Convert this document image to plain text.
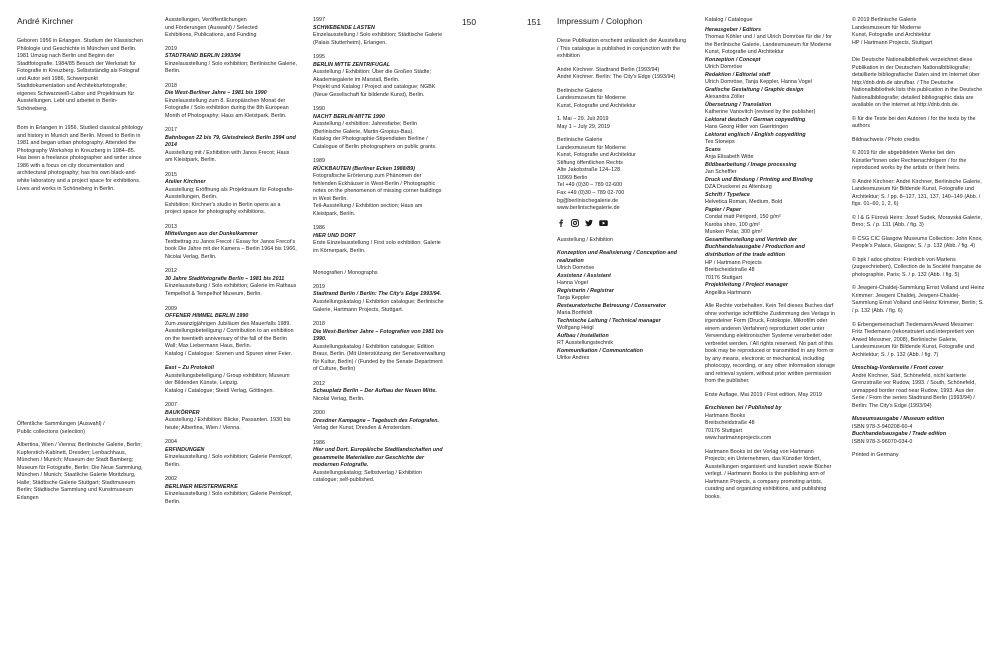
André Kirchner

Geboren 1956 in Erlangen. Studium der Klassischen Philologie und Geschichte in München und Berlin. 1981 Umzug nach Berlin und Beginn der Stadtfotografie. 1984/85 Besuch der Werkstatt für Fotografie in Kreuzberg. Selbstständig als Fotograf und Autor seit 1986, Schwerpunkt Stadtdokumentation und Architekturfotografie; eigenes Schwarzweiß-Labor und Projektraum für Ausstellungen. Lebt und arbeitet in Berlin-Schöneberg.

Born in Erlangen in 1956. Studied classical philology and history in Munich and Berlin. Moved to Berlin in 1981 and began urban photography. Attended the Photography Workshop in Kreuzberg in 1984–85. Has been a freelance photographer and writer since 1986 with a focus on city documentation and architectural photography; has his own black-and-white laboratory and a project space for exhibitions. Lives and works in Schöneberg in Berlin.

Öffentliche Sammlungen (Auswahl) /
Public collections (selection)

Albertina, Wien / Vienna; Berlinische Galerie, Berlin; Kupferstich-Kabinett, Dresden; Lenbachhaus, München / Munich; Museum der Stadt Bamberg; Museum für Fotografie, Berlin; Die Neue Sammlung, München / Munich; Staatliche Galerie Moritzburg, Halle; Städtische Galerie Stuttgart; Stadtmuseum Berlin; Städtische Sammlung und Kunstmuseum Erlangen

Ausstellungen, Veröffentlichungen
und Förderungen (Auswahl) / Selected
Exhibitions, Publications, and Funding

2019
STADTRAND BERLIN 1993/94
Einzelausstellung / Solo exhibition; Berlinische Galerie, Berlin.
2018
Die West-Berliner Jahre – 1981 bis 1990
Einzelausstellung zum 8. Europäischen Monat der Fotografie / Solo exhibition during the 8th European Month of Photography; Haus am Kleistpark, Berlin.
2017
Bahnbogen 22 bis 79, Gleisdreieck Berlin 1994 und 2014
Ausstellung mit / Exhibition with Janos Frecot; Haus am Kleistpark, Berlin.
2015
Atelier Kirchner
Ausstellung; Eröffnung als Projektraum für Fotografie-Ausstellungen, Berlin.
Exhibition; Kirchner's studio in Berlin opens as a project space for photography exhibitions.
2013
Mitteilungen aus der Dunkelkammer
Textbeitrag zu Janos Frecot / Essay for Janos Frecot's book Die Jahre mit der Kamera – Berlin 1964 bis 1966, Nicolai Verlag, Berlin.
2012
30 Jahre Stadtfotografie Berlin – 1981 bis 2011
Einzelausstellung / Solo exhibition; Galerie im Rathaus Tempelhof & Tempelhof Museum, Berlin.
2009
OFFENER HIMMEL BERLIN 1990
Zum zwanzigjährigen Jubiläum des Mauerfalls 1989. Ausstellungsbeteiligung / Contribution to an exhibition on the twentieth anniversary of the fall of the Berlin Wall; Max Liebermann Haus, Berlin.
Katalog / Catalogue: Szenen und Spuren einer Feier.
East – Zu Protokoll
Ausstellungsbeteiligung / Group exhibition; Museum der Bildenden Künste, Leipzig.
Katalog / Catalogue; Steidl Verlag, Göttingen.
2007
BAUKÖRPER
Ausstellung / Exhibition: Blicke, Passanten. 1930 bis heute; Albertina, Wien / Vienna.
2004
ERFINDUNGEN
Einzelausstellung / Solo exhibition; Galerie Pernkopf, Berlin.
2002
BERLINER MEISTERWERKE
Einzelausstellung / Solo exhibition; Galerie Pernkopf, Berlin.
1997
SCHWEBENDE LASTEN
Einzelausstellung / Solo exhibition; Städtische Galerie (Palais Stutterheim), Erlangen.
1995
BERLIN MITTE ZENTRIFUGAL
Ausstellung / Exhibition: Über die Großen Städte; Akademiegalerie im Marstall, Berlin.
Projekt und Katalog / Project and catalogue; NGBK (Neue Gesellschaft für bildende Kunst), Berlin.
1990
NACHT BERLIN-MITTE 1990
Ausstellung / exhibition: Jahresfarbe; Berlin (Berlinische Galerie, Martin-Gropius-Bau).
Katalog der Photographie-Stipendiaten Berline / Catalogue of Berlin photographers on public grants.
1989
RÜCKBAUTEN (Berliner Ecken 1988/89)
Fotografische Erörterung zum Phänomen der fehlenden Eckhäuser in West-Berlin / Photographic notes on the phenomenon of missing corner buildings in West Berlin.
Teil-Ausstellung / Exhibition section; Haus am Kleistpark, Berlin.
1986
HIER UND DORT
Erste Einzelausstellung / First solo exhibition; Galerie im Körnerpark, Berlin.

Monografien / Monographs

2019
Stadtrand Berlin / Berlin: The City's Edge 1993/94.
Ausstellungskatalog / Exhibition catalogue; Berlinische Galerie, Hartmann Projects, Stuttgart.
2018
Die West-Berliner Jahre – Fotografien von 1981 bis 1990.
Ausstellungskatalog / Exhibition catalogue; Edition Braus, Berlin. (Mit Unterstützung der Senatsverwaltung für Kultur, Berlin) / (Funded by the Senate Department of Culture, Berlin)
2012
Schauplatz Berlin – Der Aufbau der Neuen Mitte.
Nicolai Verlag, Berlin.
2000
Dresdner Kampagne – Tagebuch des Fotografen.
Verlag der Kunst, Dresden & Amsterdam.
1986
Hier und Dort. Europäische Stadtlandschaften und gesammelte Materialien zur Geschichte der modernen Fotografie.
Ausstellungskatalog; Selbstverlag / Exhibition catalogue; self-published.
150	151 Impressum / Colophon

Diese Publikation erscheint anlässlich der Ausstellung / This catalogue is published in conjunction with the exhibition

André Kirchner. Stadtrand Berlin (1993/94)
André Kirchner. Berlin: The City's Edge (1993/94)

Berlinische Galerie
Landesmuseum für Moderne
Kunst, Fotografie und Architektur

1. Mai – 29. Juli 2019
May 1 – July 29, 2019

Berlinische Galerie
Landesmuseum für Moderne
Kunst, Fotografie und Architektur
Stiftung öffentlichen Rechts
Alte Jakobstraße 124–128
10969 Berlin
Tel +49 (0)30 – 789 02-600
Fax +49 (0)30 – 789 02-700
bg@berlinischegalerie.de
www.berlinischegalerie.de

Ausstellung / Exhibition

Konzeption und Realisierung / Conception and realization
Ulrich Domröse
Assistenz / Assistant
Hanna Vogel
Registrarin / Registrar
Tanja Keppler
Restauratorische Betreuung / Conservator
Maria Bortfeldt
Technische Leitung / Technical manager
Wolfgang Heigl
Aufbau / Installation
RT Ausstellungstechnik
Kommunikation / Communication
Ulrike Andres

Katalog / Catalogue

Herausgeber / Editors
Thomas Köhler und / and Ulrich Domröse für die / for the Berlinische Galerie, Landesmuseum für Moderne Kunst, Fotografie und Architektur
Konzeption / Concept
Ulrich Domröse
Redaktion / Editorial staff
Ulrich Domröse, Tanja Keppler, Hanna Vogel
Grafische Gestaltung / Graphic design
Alexandra Zöller
Übersetzung / Translation
Katherine Vanovitch (revised by the publisher)
Lektorat deutsch / German copyediting
Hans Georg Hiller von Gaertringen
Lektorat englisch / English copyediting
Tes Stoneps
Scans
Anja Elisabeth Witte
Bildbearbeitung / Image processing
Jan Scheffler
Druck und Bindung / Printing and Binding
DZA Druckerei zu Altenburg
Schrift / Typeface
Helvetica Roman, Medium, Bold
Papier / Paper
Condat matt Périgord, 150 g/m²
Karoba shiro, 100 g/m²
Munken Polar, 300 g/m²
Gesamtherstellung und Vertrieb der Buchhandelsausgabe / Production and distribution of the trade edition
HP / Hartmann Projects
Breitscheidstraße 48
70176 Stuttgart
Projektleitung / Project manager
Angelika Hartmann

Alle Rechte vorbehalten. Kein Teil dieses Buches darf ohne vorherige schriftliche Zustimmung des Verlags in irgendeiner Form (Druck, Fotokopie, Mikrofilm oder einem anderen Verfahren) reproduziert oder unter Verwendung elektronischer Systeme verarbeitet oder verbreitet werden. / All rights reserved. No part of this book may be reproduced or transmitted in any form or by any means, electronic or mechanical, including photocopy, recording, or any other information storage and retrieval system, without prior written permission from the publisher.

Erste Auflage, Mai 2019 / First edition, May 2019

Erschienen bei / Published by
Hartmann Books
Breitscheidstraße 48
70176 Stuttgart
www.hartmannprojects.com

Hartmann Books ist der Verlag von Hartmann Projects; ein Unternehmen, das Künstler fördert, Ausstellungen organisiert und kuratiert sowie Bücher verlegt. / Hartmann Books is the publishing arm of Hartmann Projects, a company promoting artists, curating and organizing exhibitions, and publishing books.

© 2019 Berlinische Galerie
Landesmuseum für Moderne
Kunst, Fotografie und Architektur
HP / Hartmann Projects, Stuttgart

Die Deutsche Nationalbibliothek verzeichnet diese Publikation in der Deutschen Nationalbibliografie; detaillierte bibliografische Daten sind im Internet über http://dnb.dnb.de abrufbar. / The Deutsche Nationalbibliothek lists this publication in the Deutsche Nationalbibliografie; detailed bibliographic data are available on the internet at http://dnb.dnb.de.

© für die Texte bei den Autoren / for the texts by the authors

Bildnachweis / Photo credits

© 2019 für die abgebildeten Werke bei den Künstler*innen oder Rechtenachfolgern / for the reproduced works by the artists or their heirs.

© André Kirchner: André Kirchner, Berlinische Galerie, Landesmuseum für Bildende Kunst, Fotografie und Architektur; S. / pp. 8–127, 131, 137, 140–149 (Abb. / figs. 01–60, 1, 2, 6)

© I & G Fürová Heirs: Josef Sudek, Moravská Galerie, Brno; S. / p. 131 (Abb. / fig. 3)

© CSG CIC Glasgow Museums Collection: John Knox, People's Palace, Glasgow; S. / p. 132 (Abb. / fig. 4)

© bpk / adoc-photos: Friedrich von Martens (zugeschrieben), Collection de la Société française de photographie, Paris; S. / p. 132 (Abb. / fig. 5)

© Jewgeni-Chaldej-Sammlung Ernst Volland und Heinz Krimmer: Jewgeni Chaldej, Jewgeni-Chaldej-Sammlung Ernst Volland und Heinz Krimmer, Berlin; S. / p. 132 (Abb. / fig. 6)

© Erbengemeinschaft Tiedemann/Arwed Messmer: Fritz Tiedemann (rekonstruiert und interpretiert von Arwed Messmer, 2008), Berlinische Galerie, Landesmuseum für Bildende Kunst, Fotografie und Architektur; S. / p. 132 (Abb. / fig. 7)

Umschlag-Vorderseite / Front cover
André Kirchner, Süd, Schönefeld, nicht kartierte Grenzstraße vor Rudow, 1993. / South, Schönefeld, unmapped border road near Rudow, 1993. Aus der Serie / From the series Stadtrand Berlin (1993/94) / Berlin: The City's Edge (1993/94)
Museumsausgabe / Museum edition
ISBN 978-3-940208-60-4
Buchhandelsausgabe / Trade edition
ISBN 978-3-96070-034-0

Printed in Germany
